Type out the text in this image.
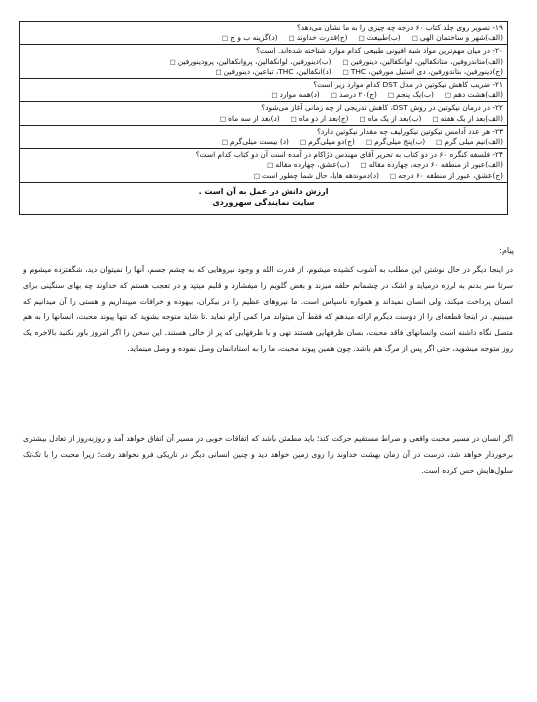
۱۹- تصویر روی جلد کتاب ۶۰ درجه چه چیزی را به ما نشان می‌دهد؟
(الف)شهر و ساختمان الهی □(ب)طبیعت □(ج)قدرت خداوند □(د)گزینه ب و ج □

۲۰- در میان مهم‌ترین مواد شبه افیونی طبیعی کدام موارد شناخته شده‌اند. است؟
(الف)متاندروفین، متانکفالین، لوانکفالین، دینورفین □(ب)دینورفین، لوانکفالین، پروانکفالین، پرودینورفین □
(ج)دینورفین، بتاندورفین، دی استیل مورفین، THC □(د)انکفالین، THC، تباعین، دینورفین □

۲۱- ضریب کاهش نیکوتین در مدل DST کدام موارد زیر است؟
(الف)هشت دهم □(ب)یک پنجم □(ج)۲۰ درصد □(د)همه موارد □

۲۲- در درمان نیکوتین در روش DST، کاهش تدریجی از چه زمانی آغاز می‌شود؟
(الف)بعد از یک هفته □(ب)بعد از یک ماه □(ج)بعد از دو ماه □(د)بعد از سه ماه □

۲۳- هر عدد آدامس نیکوتین نیکورلیف چه مقدار نیکوتین دارد؟
(الف)نیم میلی گرم □(ب)پنج میلی‌گرم □(ج)دو میلی‌گرم □(د) بیست میلی‌گرم □

۲۴- فلسفه کنگره ۶۰ در دو کتاب به تحریر آقای مهندس دژاکام در آمده است آن دو کتاب کدام است؟
(الف)عبور از منطقه ۶۰ درجه، چهارده مقاله □(ب)عشق، چهارده مقاله □
(ج)عشق، عبور از منطقه ۶۰ درجه □(د)دموندهه هایا، حال شما چطور است □

ارزش دانش در عمل به آن است .
سایت نمایندگی سهروردی
پیام:

در اینجا دیگر در حال نوشتن این مطلب به آشوب کشیده میشوم. از قدرت الله و وجود نیروهایی که به چشم جسم، آنها را نمیتوان دید، شگفتزده میشوم و سرتا سر بدنم به لرزه درمیاید و اشک در چشمانم حلقه میزند و بغض گلویم را میفشارد و قلبم میتپد و در تعجب هستم که خداوند چه بهای سنگینی برای انسان پرداخت میکند، ولی انسان نمیداند و همواره ناسپاس است. ما نیروهای عظیم را در بیکران، بیهوده و خرافات میپنداریم و هستی را آن میدانیم که میبینیم. در اینجا قطعه‌ای را از دوست دیگرم ارائه میدهم که فقط آن میتواند مرا کمی آرام نماید .تا شاید متوجه بشوید که تنها پیوند محبت، انسانها را به هم متصل نگاه داشته است وانسانهای فاقد محبت، بسان ظرفهایی هستند تهی و یا ظرفهایی که پر از خالی هستند. این سخن را اگر امروز باور نکنید بالاخره یک روز متوجه میشوید، حتی اگر پس از مرگ هم باشد. چون همین پیوند محبت، ما را به استادانمان وصل نموده و وصل مینماید.

اگر انسان در مسیر محبت واقعی و صراط مستقیم حرکت کند؛ باید مطمئن باشد که اتفاقات خوبی در مسیر آن اتفاق خواهد آمد و روزبه‌روز از تعادل بیشتری برخوردار خواهد شد، درست در آن زمان بهشت خداوند را روی زمین خواهد دید و چنین انسانی دیگر در تاریکی فرو نخواهد رفت؛ زیرا محبت را با تک‌تک سلول‌هایش حس کرده است.
